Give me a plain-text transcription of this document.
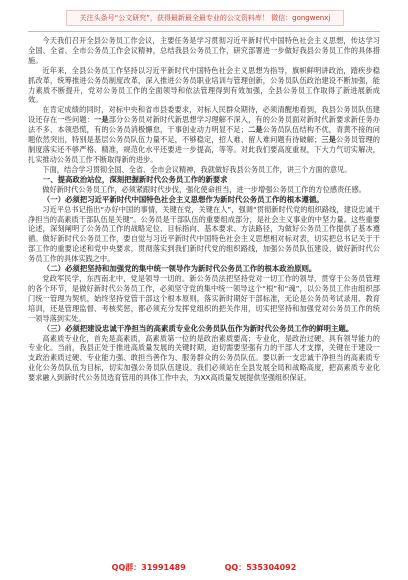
关注头条号“公文研究”，获得最新最全最专业的公文资料库！ 微信：gongwenxj

今天我们召开全县公务员工作会议，主要任务是学习贯彻习近平新时代中国特色社会主义思想，传达学习全国、全省、全市公务员工作会议精神，总结我县公务员工作，研究部署进一步做好我县公务员工作的具体措施。

近年来，全县公务员工作坚持以习近平新时代中国特色社会主义思想为指导，旗帜鲜明讲政治，踏疾步稳抓改革，统筹推进公务员制度改革，深入推进公务员职业培训与管理创新，公务员队伍政治建设不断加强，能力素质不断提升，党对公务员工作的全面领导和依法管理得到有效加强，全县公务员工作取得了新进展新成效。

在肯定成绩的同时，对标中央和省市县委要求，对标人民群众期待，必须清醒地看到，我县公务员队伍建设还存在一些问题：一是部分公务员对新时代新思想学习理解不深入，有的公务员面对新时代新要求新任务办法不多、本领恐慌，有的公务员消极懈怠，干事创业动力明显不足；二是公务员队伍结构不优，青黄不接的问题依然突出，特别是基层公务员队伍力量不足，不够稳定，招人难、留人难问题有待破解；三是公务员管理的制度落实还不够严格、精准，规范化水平还要进一步提高，等等。对此我们要高度重视，下大力气切实解决，扎实推动公务员工作不断取得新的进步。

下面，结合学习贯彻全国、全省、全市会议精神，我就做好我县公务员工作，讲三个方面的意见。

一、提高政治站位，深刻把握新时代公务员工作的新要求

做好新时代公务员工作，必须紧跟时代步伐，强化使命担当，进一步增强公务员工作的方位感责任感。

（一）必须把习近平新时代中国特色社会主义思想作为新时代公务员工作的根本遵循。

习近平总书记指出“办好中国的事情，关键在党，关键在人”，强调“贯彻新时代党的组织路线，建设忠诚干净担当的高素质干部队伍是关键”。公务员是干部队伍的重要组成部分，是社会主义事业的中坚力量。这些重要论述，深刻阐明了公务员工作的战略定位、目标指向、基本要求、方法路径，为做好公务员工作提供了基本遵循。做好新时代公务员工作，要自觉与习近平新时代中国特色社会主义思想相对标对表，切实把总书记关于干部工作的重要论述和党中央要求，贯彻落实到我们新时代党的组织路线，加强公务员队伍建设、做好新时代公务员工作的具体实践之中。

（二）必须把坚持和加强党的集中统一领导作为新时代公务员工作的根本政治原则。

党政军民学，东西南北中，党是领导一切的。新公务员法把坚持党对一切工作的领导，贯穿于公务员管理的各个环节，是做好新时代公务员工作，必须坚守党的集中统一领导这个“根”和“魂”，以公务员工作由组织部门统一管理为契机，始终坚持党管干部这个根本原则，落实新时期好干部标准，无论是公务员考试录用、教育培训，还是管理监督、考核奖惩，都必须充分发挥党组织的把关作用，切实把坚持和加强党对公务员工作的统一领导落到实处。

（三）必须把建设忠诚干净担当的高素质专业化公务员队伍作为新时代公务员工作的鲜明主题。

高素质专业化，首先是高素质，高素质第一位的是政治素质要高；专业化，是政治过硬、具有领导能力的专业化。当前，我县正处于推进高质量发展的关键时期，迫切需要坚强有力的干部人才支撑，关键在于建设一支政治素质过硬、专业能力强、敢担当善作为、服务群众的公务员队伍。要以新一支忠诚干净担当的高素质专业化公务员队伍为目标，切实加强公务员队伍建设。我们必须站在全县发展全局和战略高度，把高素质专业化要求融入到新时代公务员选育管用的具体工作中去，为XX高质量发展提供坚强组织保证。

QQ群：31991489	QQ：535304092
